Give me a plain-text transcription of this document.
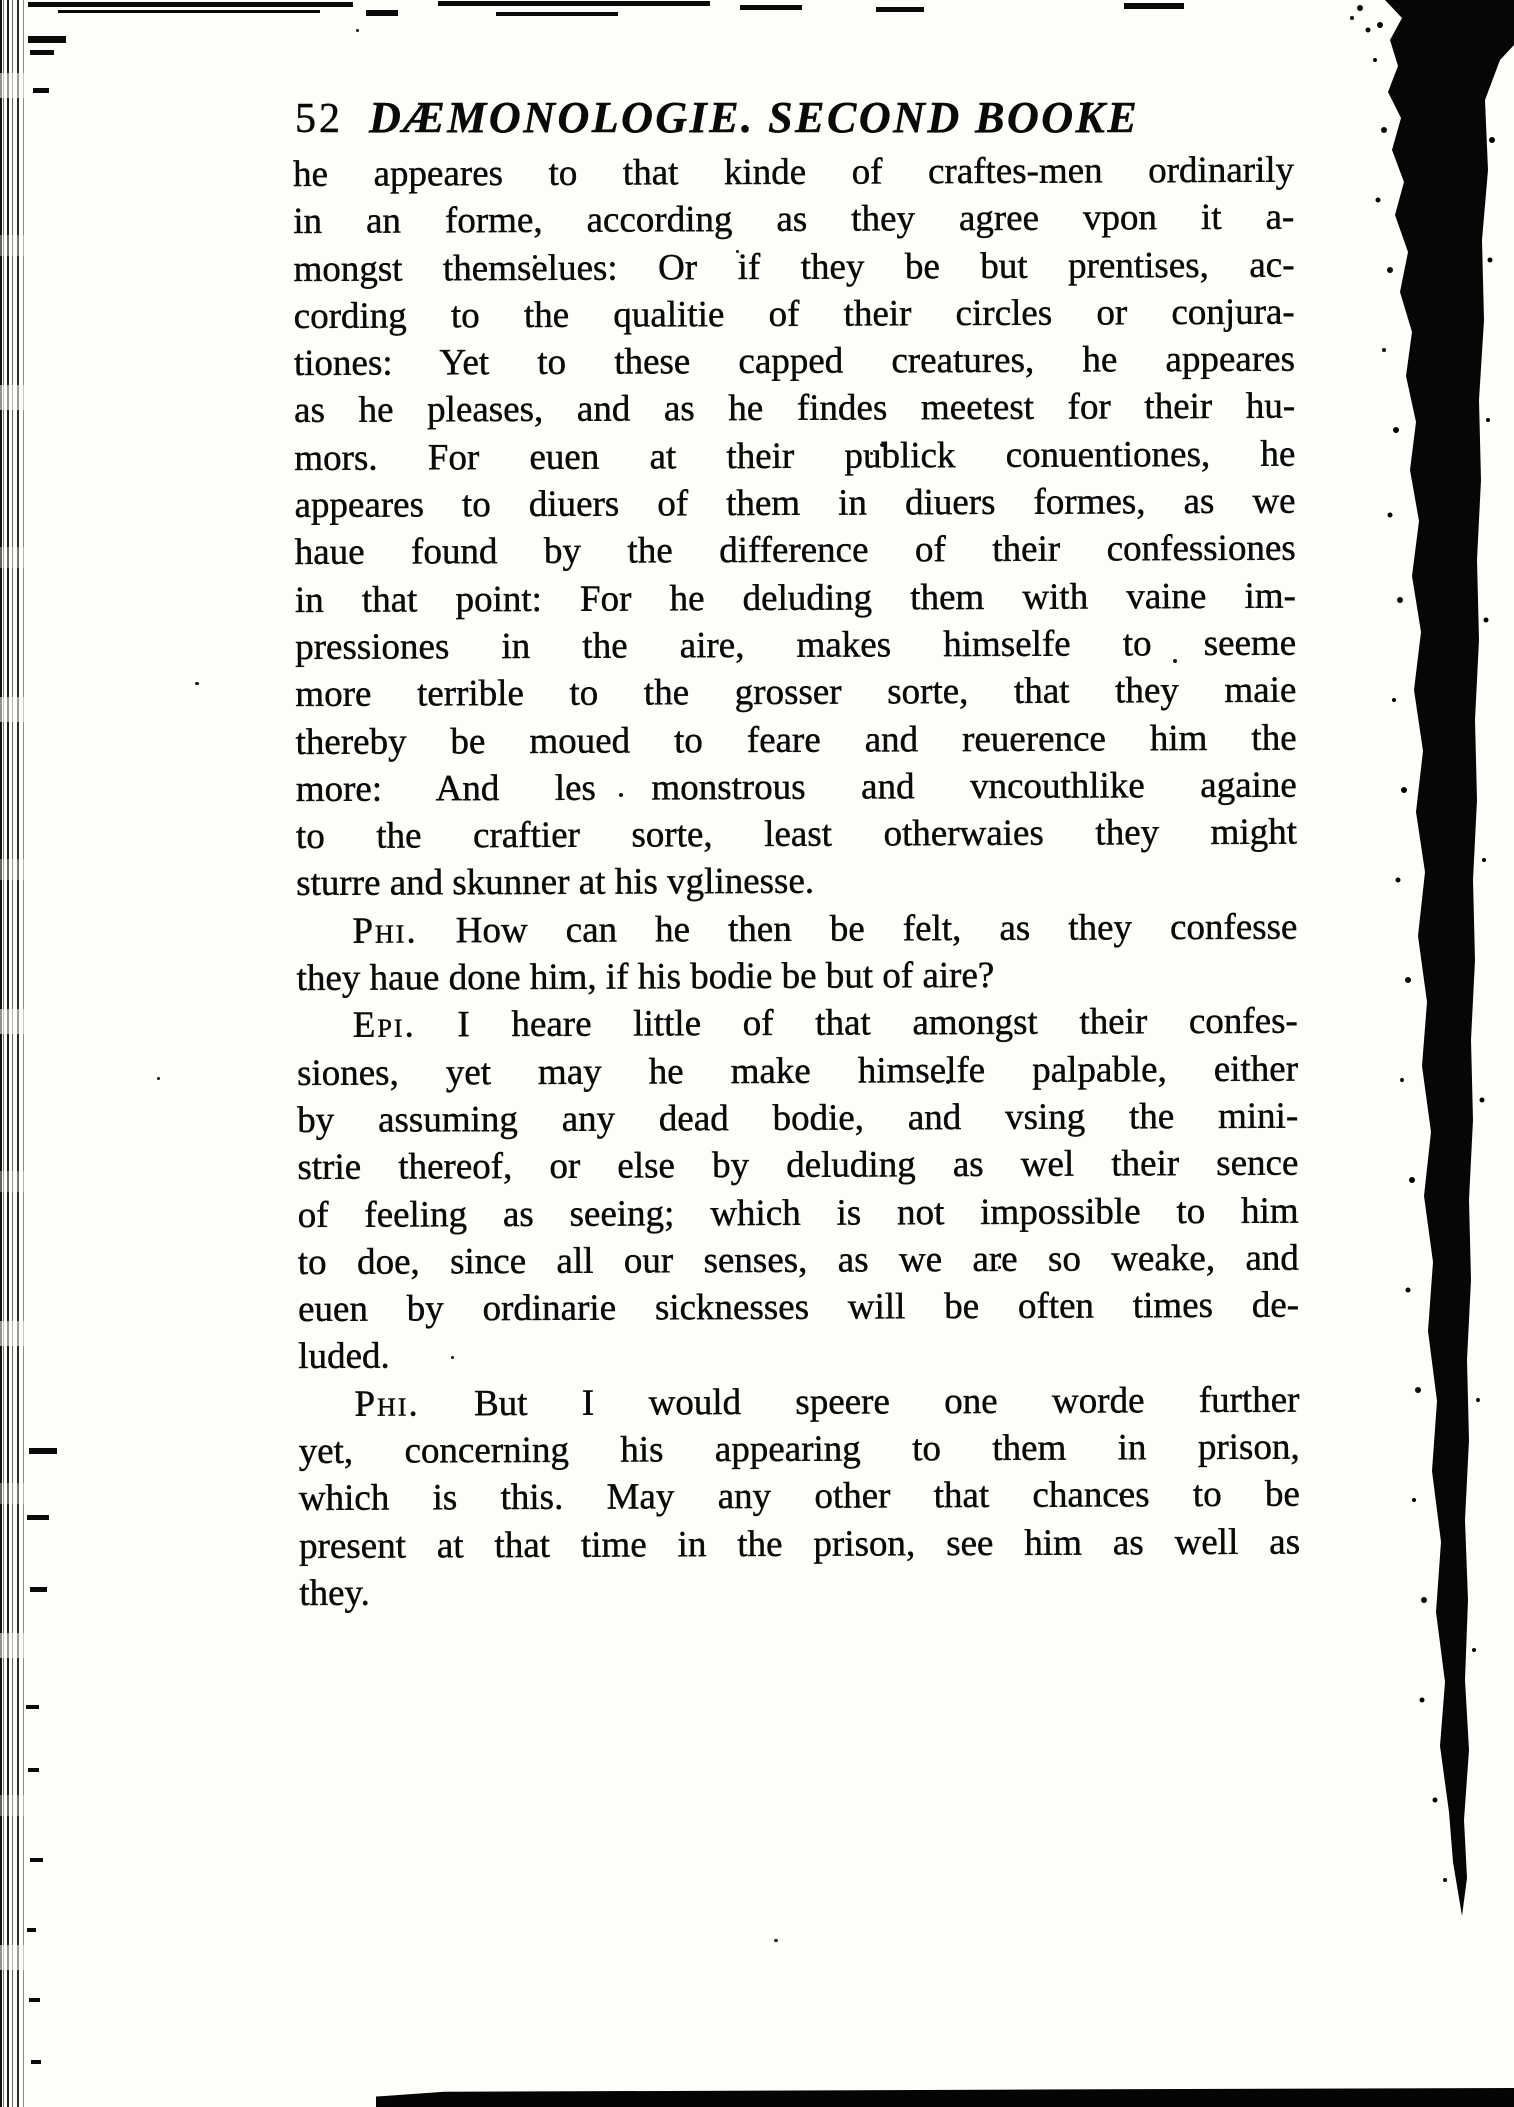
52 DÆMONOLOGIE. SECOND BOOKE
he appeares to that kinde of craftes-men ordinarily
in an forme, according as they agree vpon it a-
mongst themselues: Or if they be but prentises, ac-
cording to the qualitie of their circles or conjura-
tiones: Yet to these capped creatures, he appeares
as he pleases, and as he findes meetest for their hu-
mors. For euen at their publick conuentiones, he
appeares to diuers of them in diuers formes, as we
haue found by the difference of their confessiones
in that point: For he deluding them with vaine im-
pressiones in the aire, makes himselfe to seeme
more terrible to the grosser sorte, that they maie
thereby be moued to feare and reuerence him the
more: And les monstrous and vncouthlike againe
to the craftier sorte, least otherwaies they might
sturre and skunner at his vglinesse.
Phi. How can he then be felt, as they confesse
they haue done him, if his bodie be but of aire?
Epi. I heare little of that amongst their confes-
siones, yet may he make himselfe palpable, either
by assuming any dead bodie, and vsing the mini-
strie thereof, or else by deluding as wel their sence
of feeling as seeing; which is not impossible to him
to doe, since all our senses, as we are so weake, and
euen by ordinarie sicknesses will be often times de-
luded.
Phi. But I would speere one worde further
yet, concerning his appearing to them in prison,
which is this. May any other that chances to be
present at that time in the prison, see him as well as
they.
